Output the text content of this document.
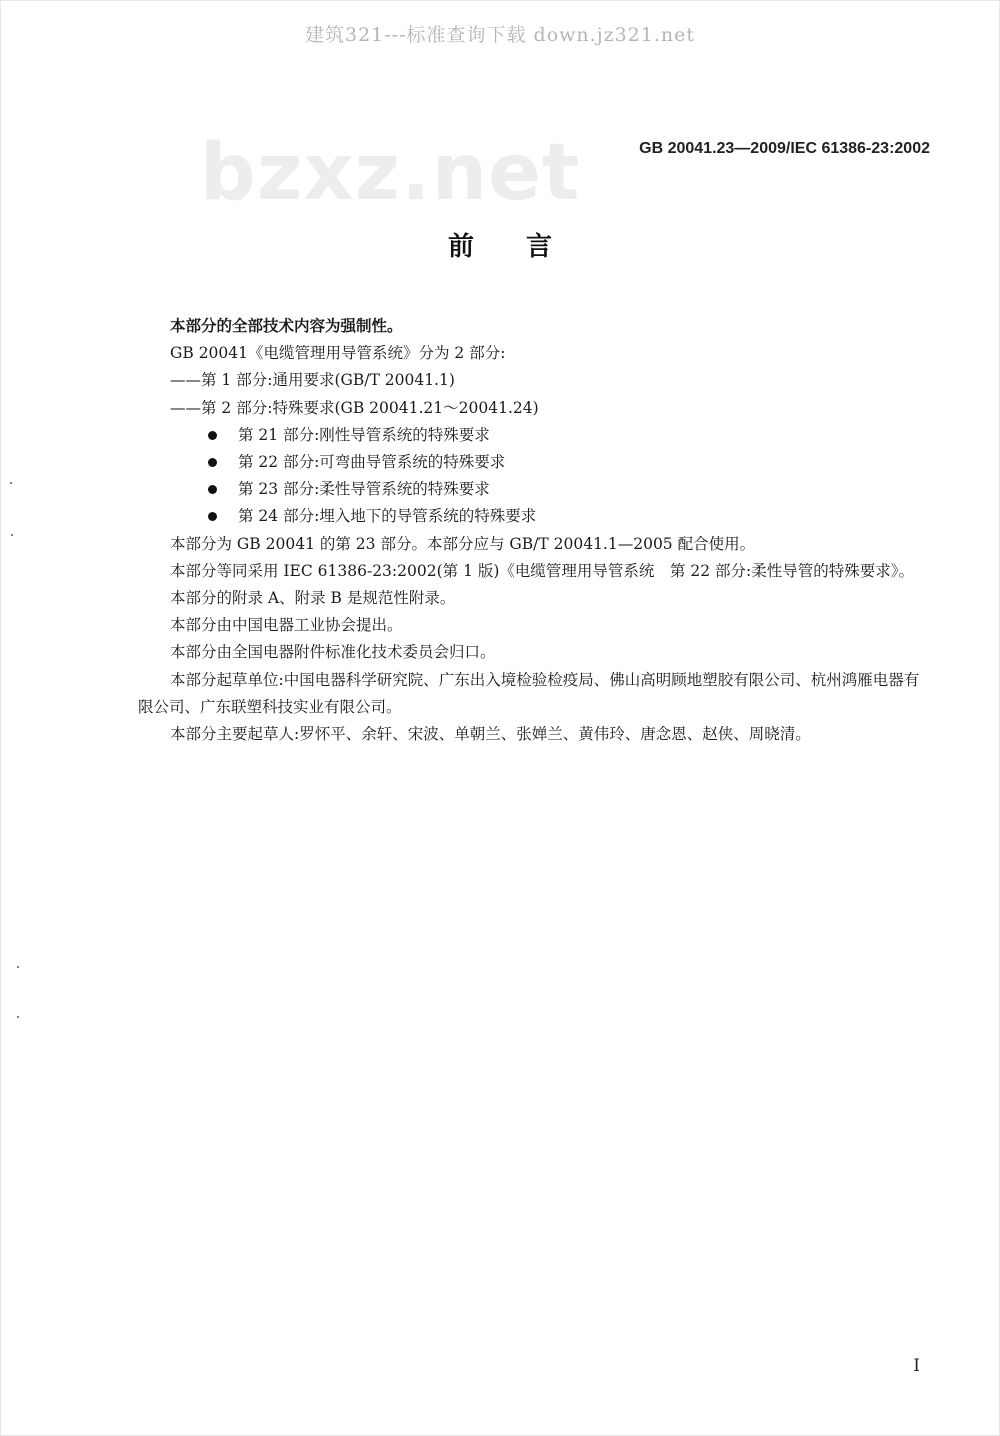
建筑321---标准查询下载 down.jz321.net
bzxz.net	GB 20041.23—2009/IEC 61386-23:2002
前言

本部分的全部技术内容为强制性。

GB 20041《电缆管理用导管系统》分为 2 部分:

——第 1 部分:通用要求(GB/T 20041.1)

——第 2 部分:特殊要求(GB 20041.21～20041.24)

第 21 部分:刚性导管系统的特殊要求

第 22 部分:可弯曲导管系统的特殊要求

第 23 部分:柔性导管系统的特殊要求

第 24 部分:埋入地下的导管系统的特殊要求

本部分为 GB 20041 的第 23 部分。本部分应与 GB/T 20041.1—2005 配合使用。

本部分等同采用 IEC 61386-23:2002(第 1 版)《电缆管理用导管系统　第 22 部分:柔性导管的特殊要求》。

本部分的附录 A、附录 B 是规范性附录。

本部分由中国电器工业协会提出。

本部分由全国电器附件标准化技术委员会归口。

本部分起草单位:中国电器科学研究院、广东出入境检验检疫局、佛山高明顾地塑胶有限公司、杭州鸿雁电器有限公司、广东联塑科技实业有限公司。

本部分主要起草人:罗怀平、余轩、宋波、单朝兰、张婵兰、黄伟玲、唐念恩、赵侠、周晓清。

I
